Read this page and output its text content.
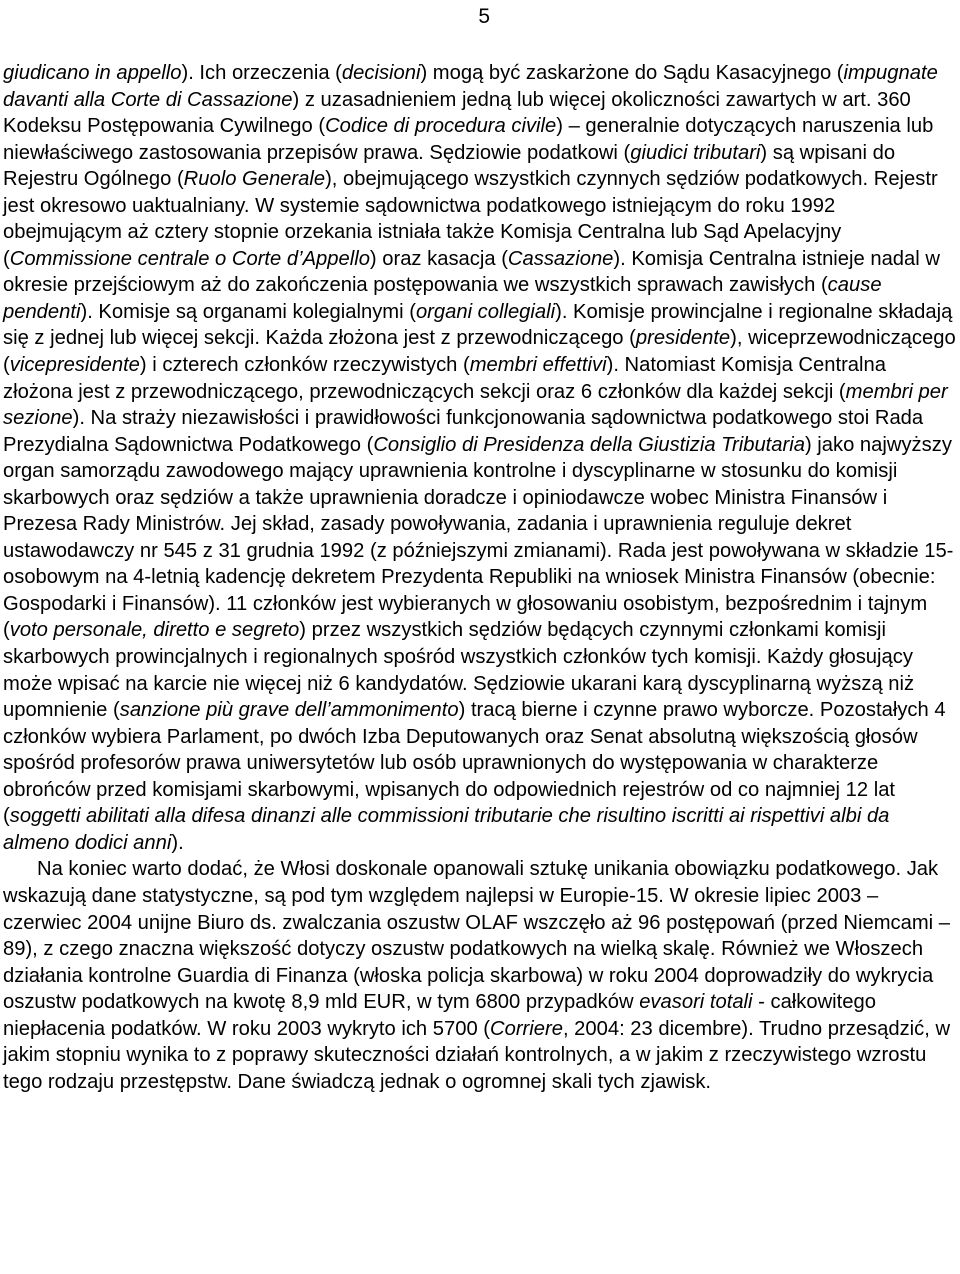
5

giudicano in appello). Ich orzeczenia (decisioni) mogą być zaskarżone do Sądu Kasacyjnego (impugnate davanti alla Corte di Cassazione) z uzasadnieniem jedną lub więcej okoliczności zawartych w art. 360 Kodeksu Postępowania Cywilnego (Codice di procedura civile) – generalnie dotyczących naruszenia lub niewłaściwego zastosowania przepisów prawa. Sędziowie podatkowi (giudici tributari) są wpisani do Rejestru Ogólnego (Ruolo Generale), obejmującego wszystkich czynnych sędziów podatkowych. Rejestr jest okresowo uaktualniany. W systemie sądownictwa podatkowego istniejącym do roku 1992 obejmującym aż cztery stopnie orzekania istniała także Komisja Centralna lub Sąd Apelacyjny (Commissione centrale o Corte d’Appello) oraz kasacja (Cassazione). Komisja Centralna istnieje nadal w okresie przejściowym aż do zakończenia postępowania we wszystkich sprawach zawisłych (cause pendenti). Komisje są organami kolegialnymi (organi collegiali). Komisje prowincjalne i regionalne składają się z jednej lub więcej sekcji. Każda złożona jest z przewodniczącego (presidente), wiceprzewodniczącego (vicepresidente) i czterech członków rzeczywistych (membri effettivi). Natomiast Komisja Centralna złożona jest z przewodniczącego, przewodniczących sekcji oraz 6 członków dla każdej sekcji (membri per sezione). Na straży niezawisłości i prawidłowości funkcjonowania sądownictwa podatkowego stoi Rada Prezydialna Sądownictwa Podatkowego (Consiglio di Presidenza della Giustizia Tributaria) jako najwyższy organ samorządu zawodowego mający uprawnienia kontrolne i dyscyplinarne w stosunku do komisji skarbowych oraz sędziów a także uprawnienia doradcze i opiniodawcze wobec Ministra Finansów i Prezesa Rady Ministrów. Jej skład, zasady powoływania, zadania i uprawnienia reguluje dekret ustawodawczy nr 545 z 31 grudnia 1992 (z późniejszymi zmianami). Rada jest powoływana w składzie 15-osobowym na 4-letnią kadencję dekretem Prezydenta Republiki na wniosek Ministra Finansów (obecnie: Gospodarki i Finansów). 11 członków jest wybieranych w głosowaniu osobistym, bezpośrednim i tajnym (voto personale, diretto e segreto) przez wszystkich sędziów będących czynnymi członkami komisji skarbowych prowincjalnych i regionalnych spośród wszystkich członków tych komisji. Każdy głosujący może wpisać na karcie nie więcej niż 6 kandydatów. Sędziowie ukarani karą dyscyplinarną wyższą niż upomnienie (sanzione più grave dell’ammonimento) tracą bierne i czynne prawo wyborcze. Pozostałych 4 członków wybiera Parlament, po dwóch Izba Deputowanych oraz Senat absolutną większością głosów spośród profesorów prawa uniwersytetów lub osób uprawnionych do występowania w charakterze obrońców przed komisjami skarbowymi, wpisanych do odpowiednich rejestrów od co najmniej 12 lat (soggetti abilitati alla difesa dinanzi alle commissioni tributarie che risultino iscritti ai rispettivi albi da almeno dodici anni).

Na koniec warto dodać, że Włosi doskonale opanowali sztukę unikania obowiązku podatkowego. Jak wskazują dane statystyczne, są pod tym względem najlepsi w Europie-15. W okresie lipiec 2003 – czerwiec 2004 unijne Biuro ds. zwalczania oszustw OLAF wszczęło aż 96 postępowań (przed Niemcami – 89), z czego znaczna większość dotyczy oszustw podatkowych na wielką skalę. Również we Włoszech działania kontrolne Guardia di Finanza (włoska policja skarbowa) w roku 2004 doprowadziły do wykrycia oszustw podatkowych na kwotę 8,9 mld EUR, w tym 6800 przypadków evasori totali - całkowitego niepłacenia podatków. W roku 2003 wykryto ich 5700 (Corriere, 2004: 23 dicembre). Trudno przesądzić, w jakim stopniu wynika to z poprawy skuteczności działań kontrolnych, a w jakim z rzeczywistego wzrostu tego rodzaju przestępstw. Dane świadczą jednak o ogromnej skali tych zjawisk.
